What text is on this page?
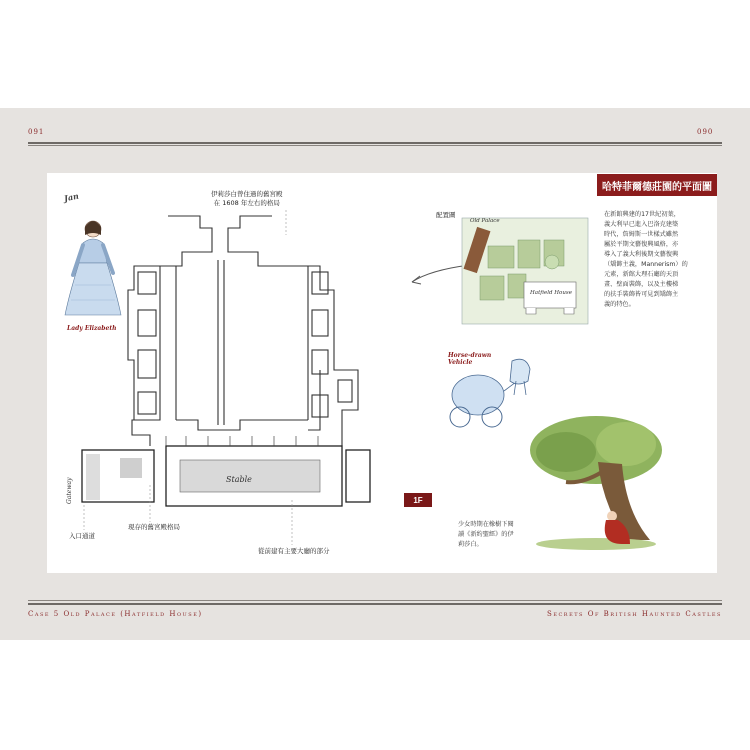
091	090
哈特菲爾德莊園的平面圖
Jan
Lady Elizabeth
伊莉莎白曾住過的舊宮殿
在 1608 年左右的格局
Stable
Gateway	1F
入口通道
現存的舊宮殿格局
從前建有主要大廳的部分
配置圖
Old Palace
Hatfield House
在新館興建的17世紀初葉，
義大利早已進入巴洛克建築
時代，詹姆斯一世樣式雖然
屬於平期文藝復興風格，亦
導入了義大利後期文藝復興
（矯飾主義，Mannerism）的
元素，新館大理石廳的天頂
畫、壁面裝飾，以及主樓梯
的扶手裝飾皆可見到矯飾主
義的特色。
Horse-drawn
Vehicle
少女時期在橡樹下閱
讀《新約聖經》的伊
莉莎白。
Case 5 Old Palace (Hatfield House)	Secrets Of British Haunted Castles
